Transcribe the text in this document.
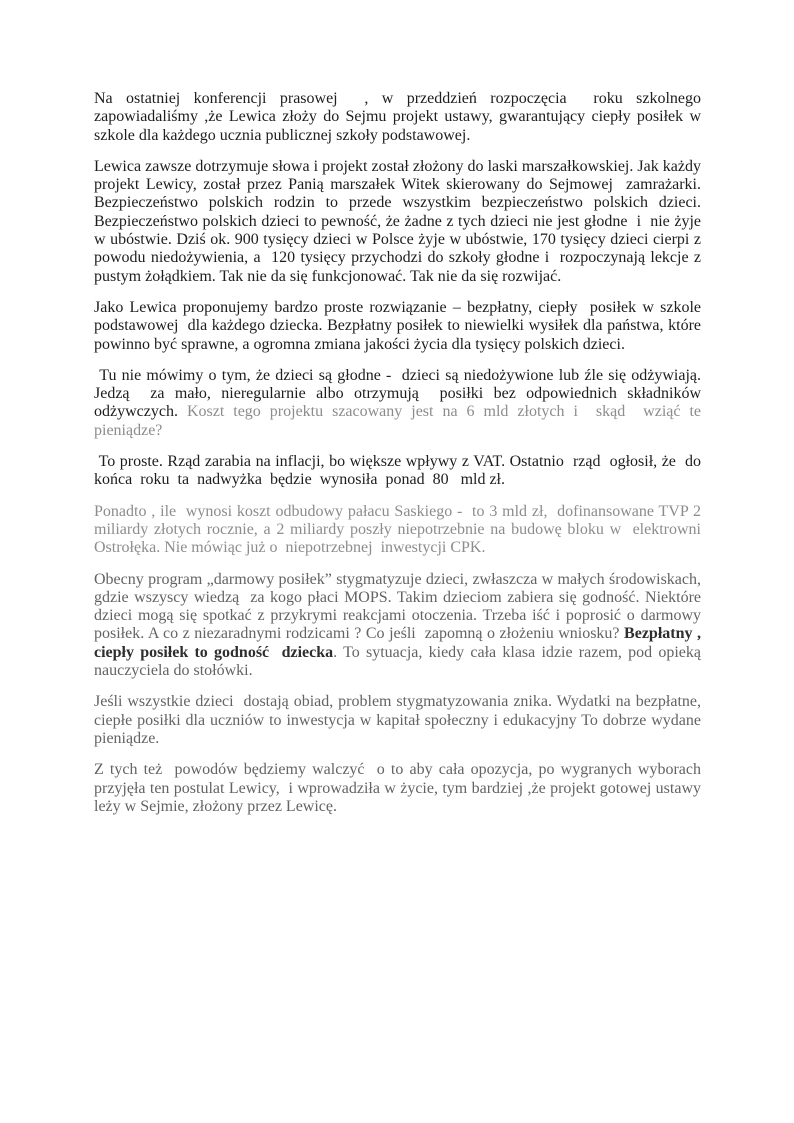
Na ostatniej konferencji prasowej  , w przeddzień rozpoczęcia  roku szkolnego zapowiadaliśmy ,że Lewica złoży do Sejmu projekt ustawy, gwarantujący ciepły posiłek w szkole dla każdego ucznia publicznej szkoły podstawowej.

Lewica zawsze dotrzymuje słowa i projekt został złożony do laski marszałkowskiej. Jak każdy  projekt Lewicy, został przez Panią marszałek Witek skierowany do Sejmowej  zamrażarki. Bezpieczeństwo polskich rodzin to przede wszystkim bezpieczeństwo polskich dzieci. Bezpieczeństwo polskich dzieci to pewność, że żadne z tych dzieci nie jest głodne  i  nie żyje w ubóstwie. Dziś ok. 900 tysięcy dzieci w Polsce żyje w ubóstwie, 170 tysięcy dzieci cierpi z powodu niedożywienia, a  120 tysięcy przychodzi do szkoły głodne i  rozpoczynają lekcje z pustym żołądkiem. Tak nie da się funkcjonować. Tak nie da się rozwijać.

Jako Lewica proponujemy bardzo proste rozwiązanie – bezpłatny, ciepły  posiłek w szkole podstawowej  dla każdego dziecka. Bezpłatny posiłek to niewielki wysiłek dla państwa, które powinno być sprawne, a ogromna zmiana jakości życia dla tysięcy polskich dzieci.

Tu nie mówimy o tym, że dzieci są głodne -  dzieci są niedożywione lub źle się odżywiają. Jedzą  za mało, nieregularnie albo otrzymują  posiłki bez odpowiednich składników odżywczych. Koszt tego projektu szacowany jest na 6 mld złotych i  skąd  wziąć te  pieniądze?

To proste. Rząd zarabia na inflacji, bo większe wpływy z VAT. Ostatnio  rząd  ogłosił, że  do końca  roku  ta  nadwyżka  będzie  wynosiła  ponad  80   mld zł.

Ponadto , ile  wynosi koszt odbudowy pałacu Saskiego -  to 3 mld zł,  dofinansowane TVP 2 miliardy złotych rocznie, a 2 miliardy poszły niepotrzebnie na budowę bloku w  elektrowni  Ostrołęka. Nie mówiąc już o  niepotrzebnej  inwestycji CPK.

Obecny program „darmowy posiłek” stygmatyzuje dzieci, zwłaszcza w małych środowiskach, gdzie wszyscy wiedzą  za kogo płaci MOPS. Takim dzieciom zabiera się godność. Niektóre  dzieci mogą się spotkać z przykrymi reakcjami otoczenia. Trzeba iść i poprosić o darmowy posiłek. A co z niezaradnymi rodzicami ? Co jeśli  zapomną o złożeniu wniosku? Bezpłatny , ciepły posiłek to godność  dziecka. To sytuacja, kiedy cała klasa idzie razem, pod opieką nauczyciela do stołówki.

Jeśli wszystkie dzieci  dostają obiad, problem stygmatyzowania znika. Wydatki na bezpłatne, ciepłe posiłki dla uczniów to inwestycja w kapitał społeczny i edukacyjny To dobrze wydane pieniądze.

Z tych też  powodów będziemy walczyć  o to aby cała opozycja, po wygranych wyborach przyjęła ten postulat Lewicy,  i wprowadziła w życie, tym bardziej ,że projekt gotowej ustawy leży w Sejmie, złożony przez Lewicę.
